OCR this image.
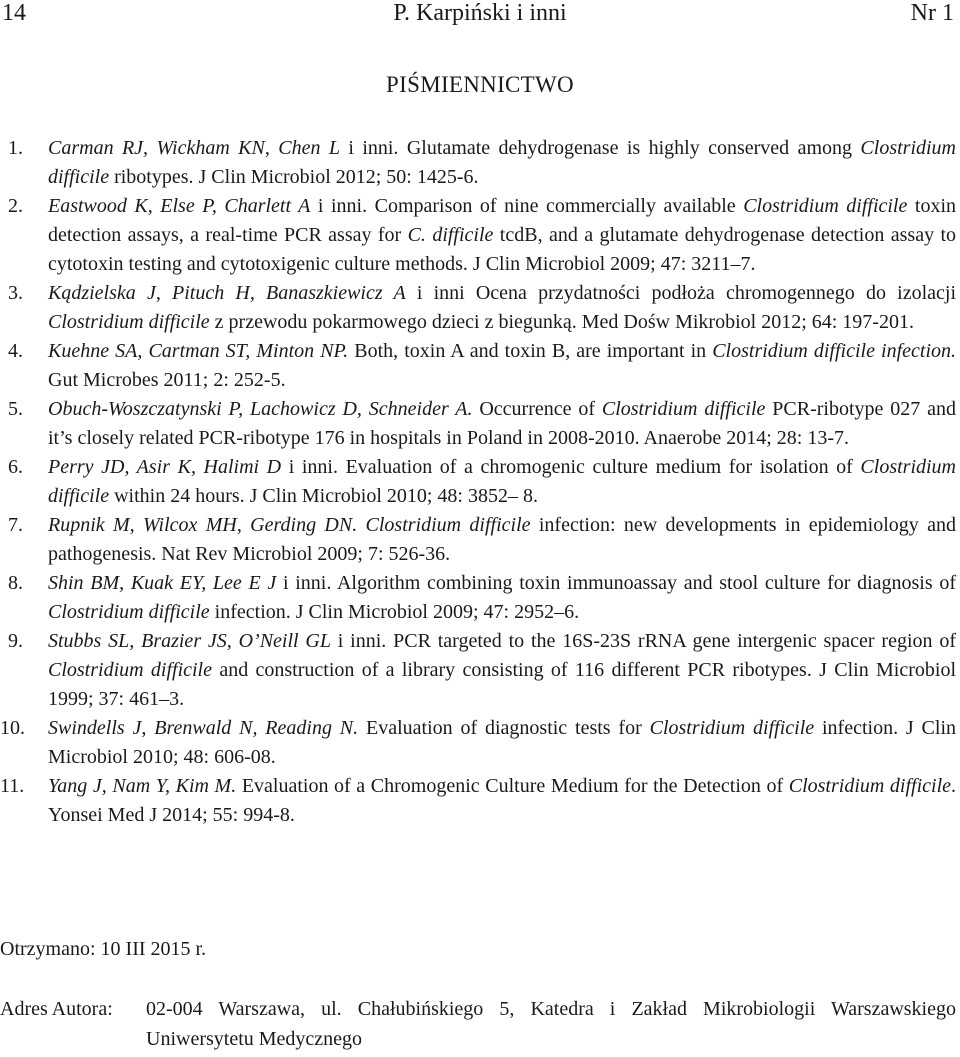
14	P. Karpiński i inni	Nr 1
PIŚMIENNICTWO
1. Carman RJ, Wickham KN, Chen L i inni. Glutamate dehydrogenase is highly conserved among Clostridium difficile ribotypes. J Clin Microbiol 2012; 50: 1425-6.
2. Eastwood K, Else P, Charlett A i inni. Comparison of nine commercially available Clostridium difficile toxin detection assays, a real-time PCR assay for C. difficile tcdB, and a glutamate dehydrogenase detection assay to cytotoxin testing and cytotoxigenic culture methods. J Clin Microbiol 2009; 47: 3211–7.
3. Kądzielska J, Pituch H, Banaszkiewicz A i inni Ocena przydatności podłoża chromogennego do izolacji Clostridium difficile z przewodu pokarmowego dzieci z biegunką. Med Dośw Mikrobiol 2012; 64: 197-201.
4. Kuehne SA, Cartman ST, Minton NP. Both, toxin A and toxin B, are important in Clostridium difficile infection. Gut Microbes 2011; 2: 252-5.
5. Obuch-Woszczatynski P, Lachowicz D, Schneider A. Occurrence of Clostridium difficile PCR-ribotype 027 and it’s closely related PCR-ribotype 176 in hospitals in Poland in 2008-2010. Anaerobe 2014; 28: 13-7.
6. Perry JD, Asir K, Halimi D i inni. Evaluation of a chromogenic culture medium for isolation of Clostridium difficile within 24 hours. J Clin Microbiol 2010; 48: 3852– 8.
7. Rupnik M, Wilcox MH, Gerding DN. Clostridium difficile infection: new developments in epidemiology and pathogenesis. Nat Rev Microbiol 2009; 7: 526-36.
8. Shin BM, Kuak EY, Lee E J i inni. Algorithm combining toxin immunoassay and stool culture for diagnosis of Clostridium difficile infection. J Clin Microbiol 2009; 47: 2952–6.
9. Stubbs SL, Brazier JS, O’Neill GL i inni. PCR targeted to the 16S-23S rRNA gene intergenic spacer region of Clostridium difficile and construction of a library consisting of 116 different PCR ribotypes. J Clin Microbiol 1999; 37: 461–3.
10. Swindells J, Brenwald N, Reading N. Evaluation of diagnostic tests for Clostridium difficile infection. J Clin Microbiol 2010; 48: 606-08.
11. Yang J, Nam Y, Kim M. Evaluation of a Chromogenic Culture Medium for the Detection of Clostridium difficile. Yonsei Med J 2014; 55: 994-8.
Otrzymano: 10 III 2015 r.
Adres Autora: 02-004 Warszawa, ul. Chałubińskiego 5, Katedra i Zakład Mikrobiologii Warszawskiego Uniwersytetu Medycznego
